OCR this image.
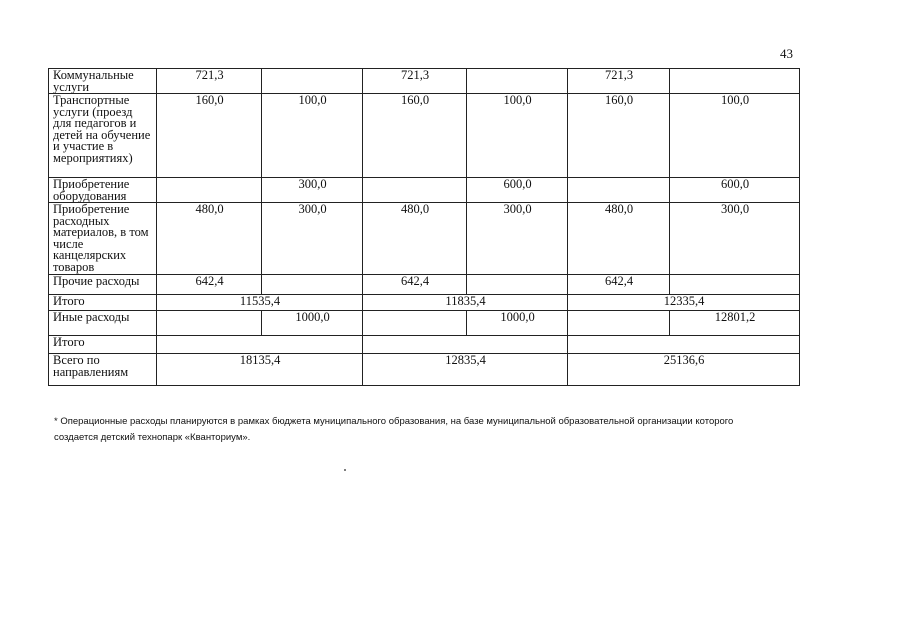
43
Коммунальные услуги	721,3		721,3		721,3	
Транспортные услуги (проезд для педагогов и детей на обучение и участие в мероприятиях)	160,0	100,0	160,0	100,0	160,0	100,0
Приобретение оборудования		300,0		600,0		600,0
Приобретение расходных материалов, в том числе канцелярских товаров	480,0	300,0	480,0	300,0	480,0	300,0
Прочие расходы	642,4		642,4		642,4	
Итого	11535,4		11835,4		12335,4	
Иные расходы		1000,0		1000,0		12801,2
Итого						
Всего по направлениям	18135,4		12835,4		25136,6	
* Операционные расходы планируются в рамках бюджета муниципального образования, на базе муниципальной образовательной организации которого создается детский технопарк «Кванториум».
